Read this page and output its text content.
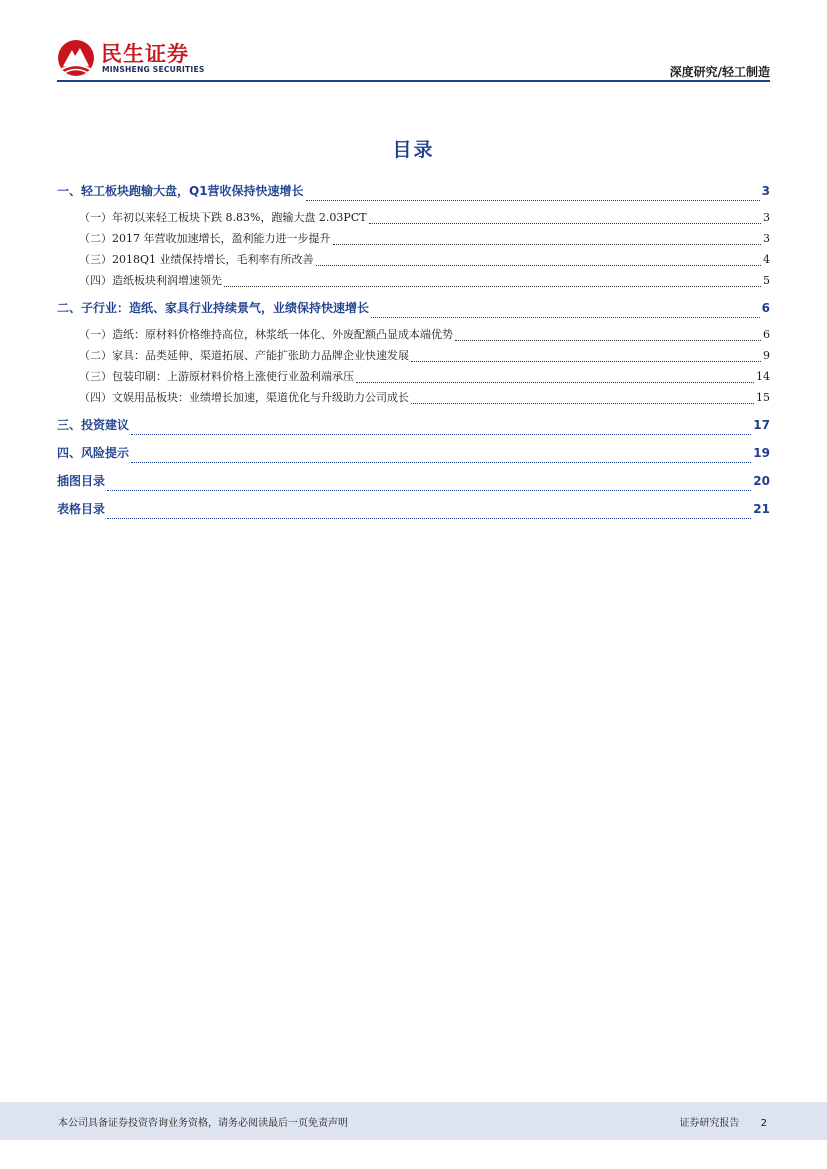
民生证券
MINSHENG SECURITIES	深度研究/轻工制造
目录
一、轻工板块跑输大盘，Q1营收保持快速增长	3
（一）年初以来轻工板块下跌 8.83%，跑输大盘 2.03PCT	3
（二）2017 年营收加速增长，盈利能力进一步提升	3
（三）2018Q1 业绩保持增长，毛利率有所改善	4
（四）造纸板块利润增速领先	5
二、子行业：造纸、家具行业持续景气，业绩保持快速增长	6
（一）造纸：原材料价格维持高位，林浆纸一体化、外废配额凸显成本端优势	6
（二）家具：品类延伸、渠道拓展、产能扩张助力品牌企业快速发展	9
（三）包装印刷：上游原材料价格上涨使行业盈利端承压	14
（四）文娱用品板块：业绩增长加速，渠道优化与升级助力公司成长	15
三、投资建议	17
四、风险提示	19
插图目录	20
表格目录	21
本公司具备证券投资咨询业务资格，请务必阅读最后一页免责声明	证券研究报告 2
